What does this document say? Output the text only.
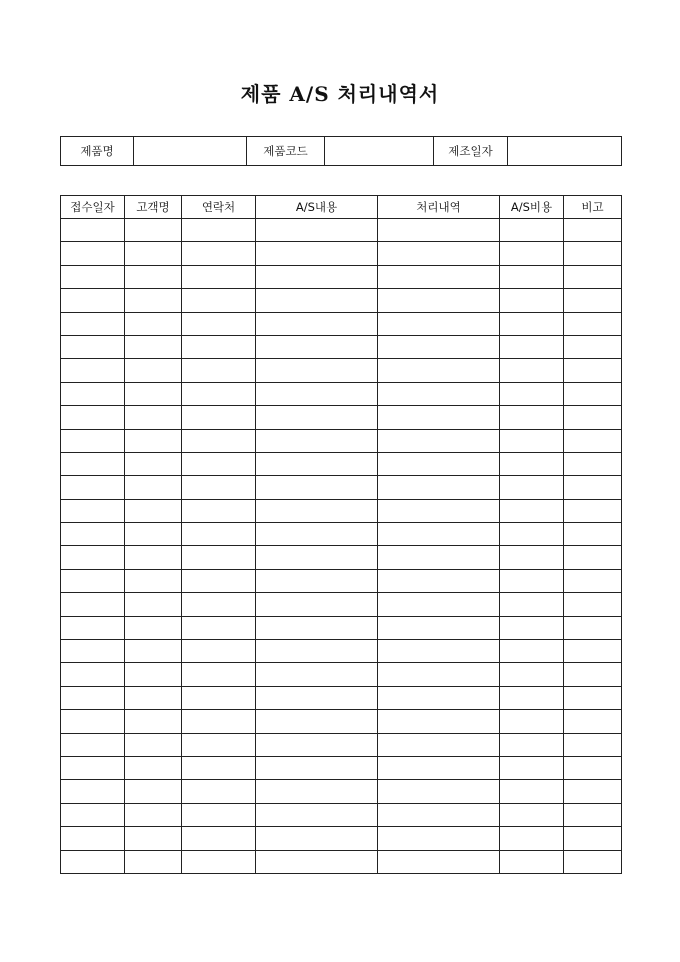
제품 A/S 처리내역서
제품명		제품코드		제조일자	
접수일자	고객명	연락처	A/S내용	처리내역	A/S비용	비고
